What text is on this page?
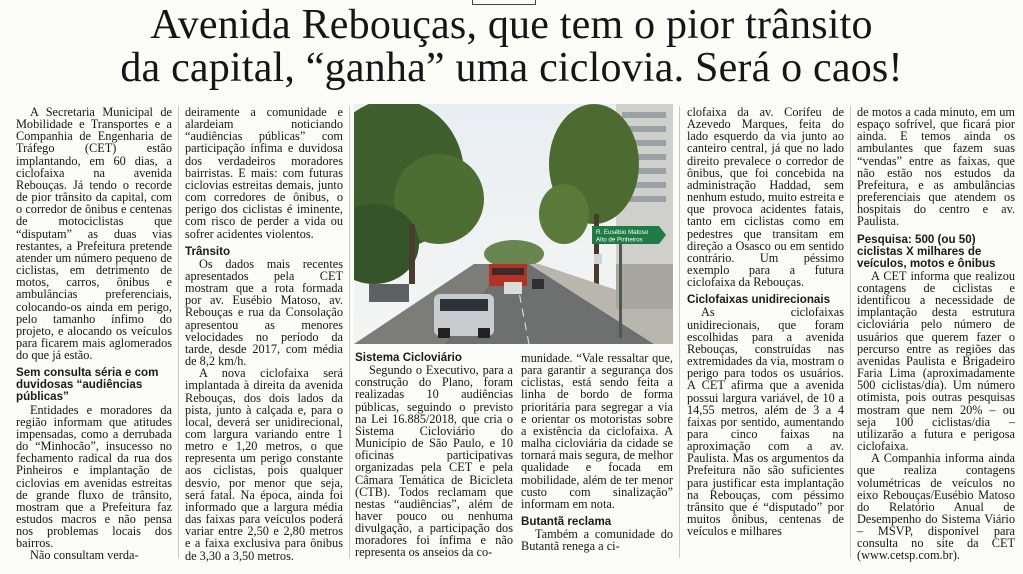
Avenida Rebouças, que tem o pior trânsito
da capital, “ganha” uma ciclovia. Será o caos!

A Secretaria Municipal de Mobilidade e Transportes e a Companhia de Engenharia de Tráfego (CET) estão implantando, em 60 dias, a ciclofaixa na avenida Rebouças. Já tendo o recorde de pior trânsito da capital, com o corredor de ônibus e centenas de motociclistas que “disputam” as duas vias restantes, a Prefeitura pretende atender um número pequeno de ciclistas, em detrimento de motos, carros, ônibus e ambulâncias preferenciais, colocando-os ainda em perigo, pelo tamanho ínfimo do projeto, e alocando os veículos para ficarem mais aglomerados do que já estão.

Sem consulta séria e com duvidosas “audiências públicas”

Entidades e moradores da região informam que atitudes impensadas, como a derrubada do “Minhocão”, insucesso no fechamento radical da rua dos Pinheiros e implantação de ciclovias em avenidas estreitas de grande fluxo de trânsito, mostram que a Prefeitura faz estudos macros e não pensa nos problemas locais dos bairros.

Não consultam verda-

deiramente a comunidade e alardeiam noticiando “audiências públicas” com participação ínfima e duvidosa dos verdadeiros moradores bairristas. E mais: com futuras ciclovias estreitas demais, junto com corredores de ônibus, o perigo dos ciclistas é iminente, com risco de perder a vida ou sofrer acidentes violentos.

Trânsito

Os dados mais recentes apresentados pela CET mostram que a rota formada por av. Eusébio Matoso, av. Rebouças e rua da Consolação apresentou as menores velocidades no período da tarde, desde 2017, com média de 8,2 km/h.

A nova ciclofaixa será implantada à direita da avenida Rebouças, dos dois lados da pista, junto à calçada e, para o local, deverá ser unidirecional, com largura variando entre 1 metro e 1,20 metros, o que representa um perigo constante aos ciclistas, pois qualquer desvio, por menor que seja, será fatal. Na época, ainda foi informado que a largura média das faixas para veículos poderá variar entre 2,50 e 2,80 metros e a faixa exclusiva para ônibus de 3,30 a 3,50 metros.

R. Eusébio Matoso
Alto de Pinheiros
Sistema Cicloviário

Segundo o Executivo, para a construção do Plano, foram realizadas 10 audiências públicas, seguindo o previsto na Lei 16.885/2018, que cria o Sistema Cicloviário do Município de São Paulo, e 10 oficinas participativas organizadas pela CET e pela Câmara Temática de Bicicleta (CTB). Todos reclamam que nestas “audiências”, além de haver pouco ou nenhuma divulgação, a participação dos moradores foi ínfima e não representa os anseios da co-

munidade. “Vale ressaltar que, para garantir a segurança dos ciclistas, está sendo feita a linha de bordo de forma prioritária para segregar a via e orientar os motoristas sobre a existência da ciclofaixa. A malha cicloviária da cidade se tornará mais segura, de melhor qualidade e focada em mobilidade, além de ter menor custo com sinalização” informam em nota.

Butantã reclama

Também a comunidade do Butantã renega a ci-

clofaixa da av. Corifeu de Azevedo Marques, feita do lado esquerdo da via junto ao canteiro central, já que no lado direito prevalece o corredor de ônibus, que foi concebida na administração Haddad, sem nenhum estudo, muito estreita e que provoca acidentes fatais, tanto em ciclistas como em pedestres que transitam em direção a Osasco ou em sentido contrário. Um péssimo exemplo para a futura ciclofaixa da Rebouças.

Ciclofaixas unidirecionais

As ciclofaixas unidirecionais, que foram escolhidas para a avenida Rebouças, construídas nas extremidades da via, mostram o perigo para todos os usuários. A CET afirma que a avenida possui largura variável, de 10 a 14,55 metros, além de 3 a 4 faixas por sentido, aumentando para cinco faixas na aproximação com a av. Paulista. Mas os argumentos da Prefeitura não são suficientes para justificar esta implantação na Rebouças, com péssimo trânsito que é “disputado” por muitos ônibus, centenas de veículos e milhares

de motos a cada minuto, em um espaço sofrível, que ficará pior ainda. E temos ainda os ambulantes que fazem suas “vendas” entre as faixas, que não estão nos estudos da Prefeitura, e as ambulâncias preferenciais que atendem os hospitais do centro e av. Paulista.

Pesquisa: 500 (ou 50) ciclistas X milhares de veículos, motos e ônibus

A CET informa que realizou contagens de ciclistas e identificou a necessidade de implantação desta estrutura cicloviária pelo número de usuários que querem fazer o percurso entre as regiões das avenidas Paulista e Brigadeiro Faria Lima (aproximadamente 500 ciclistas/dia). Um número otimista, pois outras pesquisas mostram que nem 20% – ou seja 100 ciclistas/dia – utilizarão a futura e perigosa ciclofaixa.

A Companhia informa ainda que realiza contagens volumétricas de veículos no eixo Rebouças/Eusébio Matoso do Relatório Anual de Desempenho do Sistema Viário – MSVP, disponível para consulta no site da CET (www.cetsp.com.br).
